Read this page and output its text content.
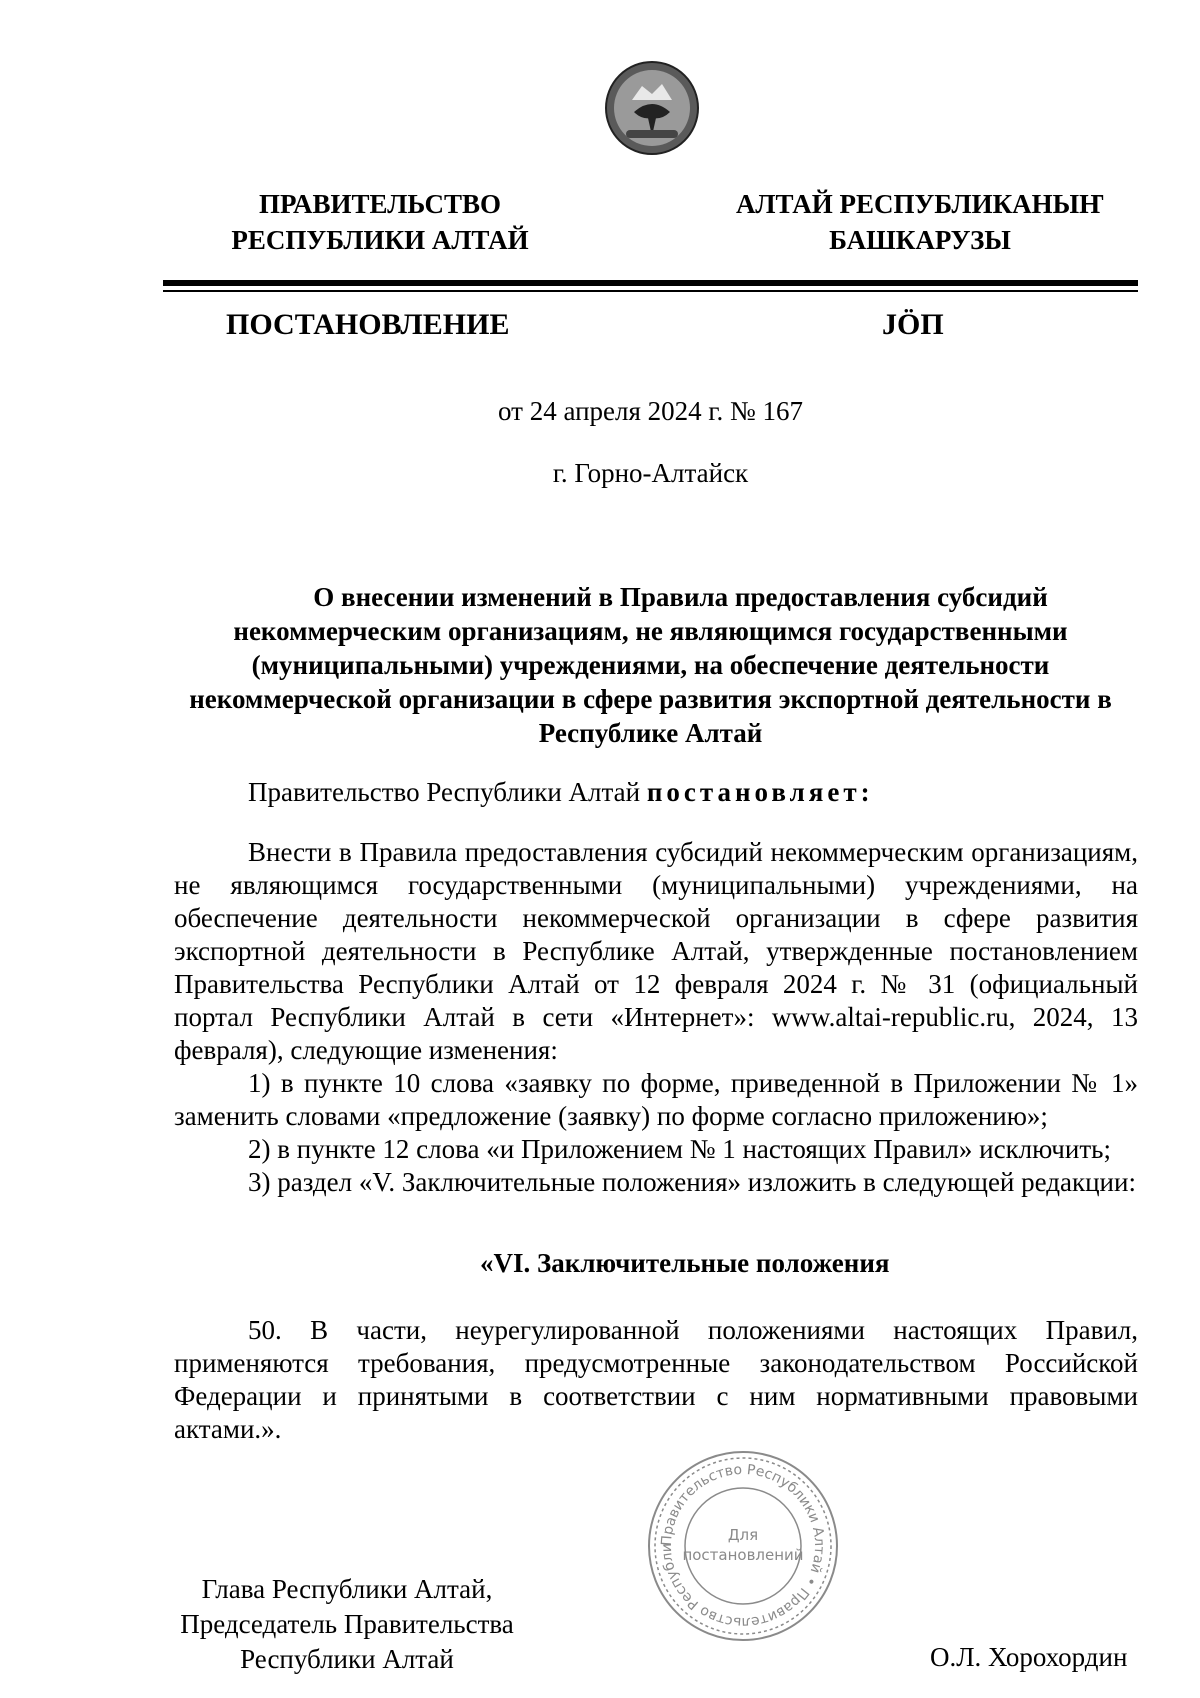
ПРАВИТЕЛЬСТВО
РЕСПУБЛИКИ АЛТАЙ
АЛТАЙ РЕСПУБЛИКАНЫҤ
БАШКАРУЗЫ
ПОСТАНОВЛЕНИЕ	JÖП
от 24 апреля 2024 г. № 167
г. Горно-Алтайск
О внесении изменений в Правила предоставления субсидий
некоммерческим организациям, не являющимся государственными
(муниципальными) учреждениями, на обеспечение деятельности
некоммерческой организации в сфере развития экспортной деятельности в
Республике Алтай

Правительство Республики Алтай постановляет:

Внести в Правила предоставления субсидий некоммерческим организациям, не являющимся государственными (муниципальными) учреждениями, на обеспечение деятельности некоммерческой организации в сфере развития экспортной деятельности в Республике Алтай, утвержденные постановлением Правительства Республики Алтай от 12 февраля 2024 г. № 31 (официальный портал Республики Алтай в сети «Интернет»: www.altai-republic.ru, 2024, 13 февраля), следующие изменения:

1) в пункте 10 слова «заявку по форме, приведенной в Приложении № 1» заменить словами «предложение (заявку) по форме согласно приложению»;

2) в пункте 12 слова «и Приложением № 1 настоящих Правил» исключить;

3) раздел «V. Заключительные положения» изложить в следующей редакции:

«VI. Заключительные положения

50. В части, неурегулированной положениями настоящих Правил, применяются требования, предусмотренные законодательством Российской Федерации и принятыми в соответствии с ним нормативными правовыми актами.».

Правительство Республики Алтай • Правительство Республи
Для
постановлений
Глава Республики Алтай,
Председатель Правительства
Республики Алтай	О.Л. Хорохордин
